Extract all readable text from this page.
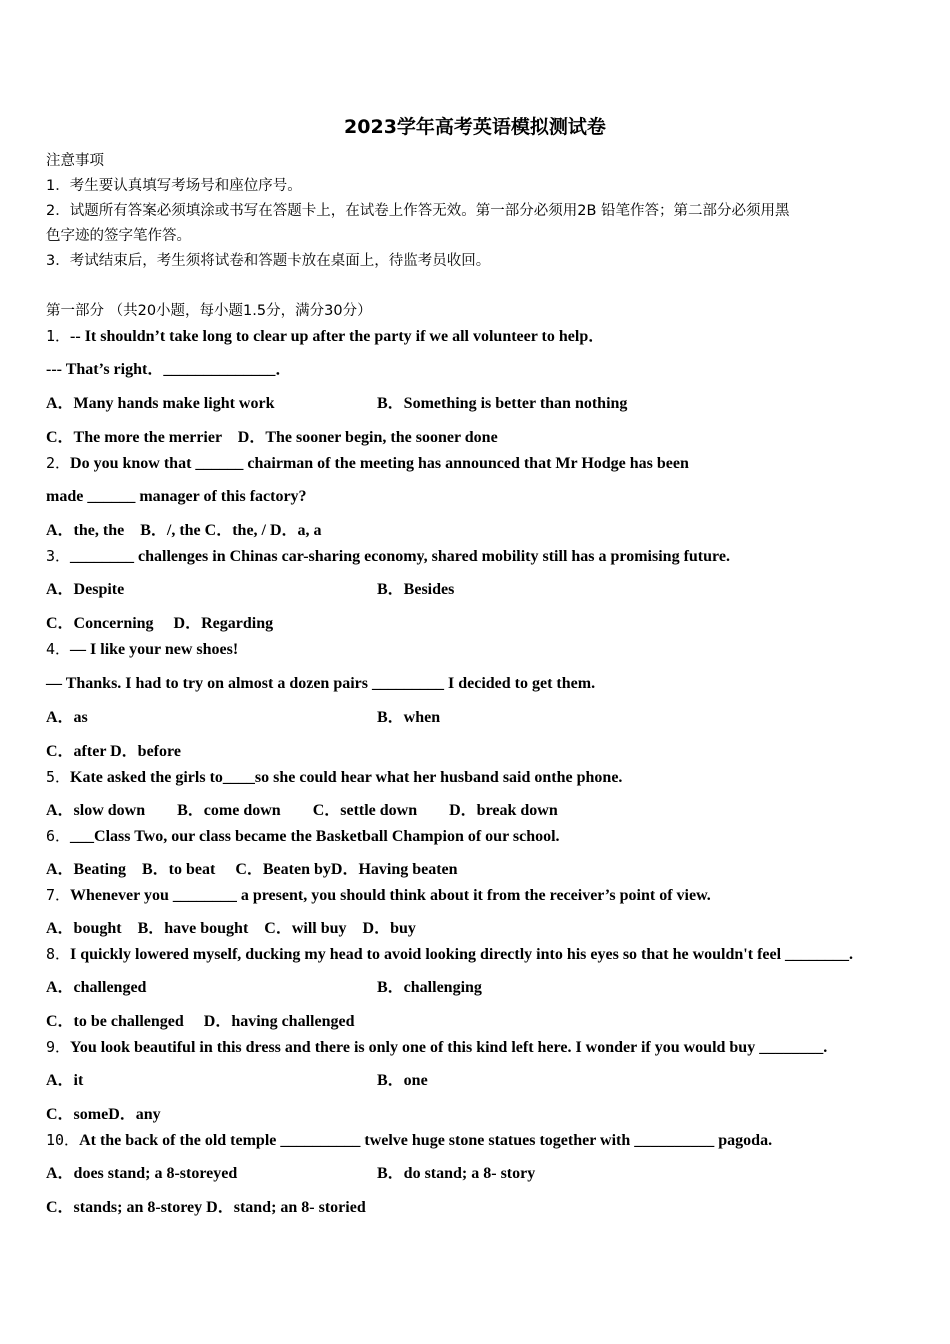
2023学年高考英语模拟测试卷
注意事项
1．考生要认真填写考场号和座位序号。
2．试题所有答案必须填涂或书写在答题卡上，在试卷上作答无效。第一部分必须用2B 铅笔作答；第二部分必须用黑
色字迹的签字笔作答。
3．考试结束后，考生须将试卷和答题卡放在桌面上，待监考员收回。
第一部分 （共20小题，每小题1.5分，满分30分）
1．-- It shouldn’t take long to clear up after the party if we all volunteer to help．
--- That’s right．______________．
A．Many hands make light work	B．Something is better than nothing
C．The more the merrier　D．The sooner begin, the sooner done
2．Do you know that ______ chairman of the meeting has announced that Mr Hodge has been
made ______ manager of this factory?
A．the, the　B．/, the C．the, / D．a, a
3．________ challenges in Chinas car-sharing economy, shared mobility still has a promising future.
A．Despite	B．Besides
C．Concerning　 D．Regarding
4．— I like your new shoes!
— Thanks. I had to try on almost a dozen pairs _________ I decided to get them.
A．as	B．when
C．after D．before
5．Kate asked the girls to____so she could hear what her husband said onthe phone.
A．slow down　　B．come down　　C．settle down　　D．break down
6．___Class Two, our class became the Basketball Champion of our school.
A．Beating　B．to beat　 C．Beaten byD．Having beaten
7．Whenever you ________ a present, you should think about it from the receiver’s point of view.
A．bought　B．have bought　C．will buy　D．buy
8．I quickly lowered myself, ducking my head to avoid looking directly into his eyes so that he wouldn't feel ________.
A．challenged	B．challenging
C．to be challenged　 D．having challenged
9．You look beautiful in this dress and there is only one of this kind left here. I wonder if you would buy ________.
A．it	B．one
C．someD．any
10．At the back of the old temple __________ twelve huge stone statues together with __________ pagoda.
A．does stand; a 8-storeyed	B．do stand; a 8- story
C．stands; an 8-storey D．stand; an 8- storied
